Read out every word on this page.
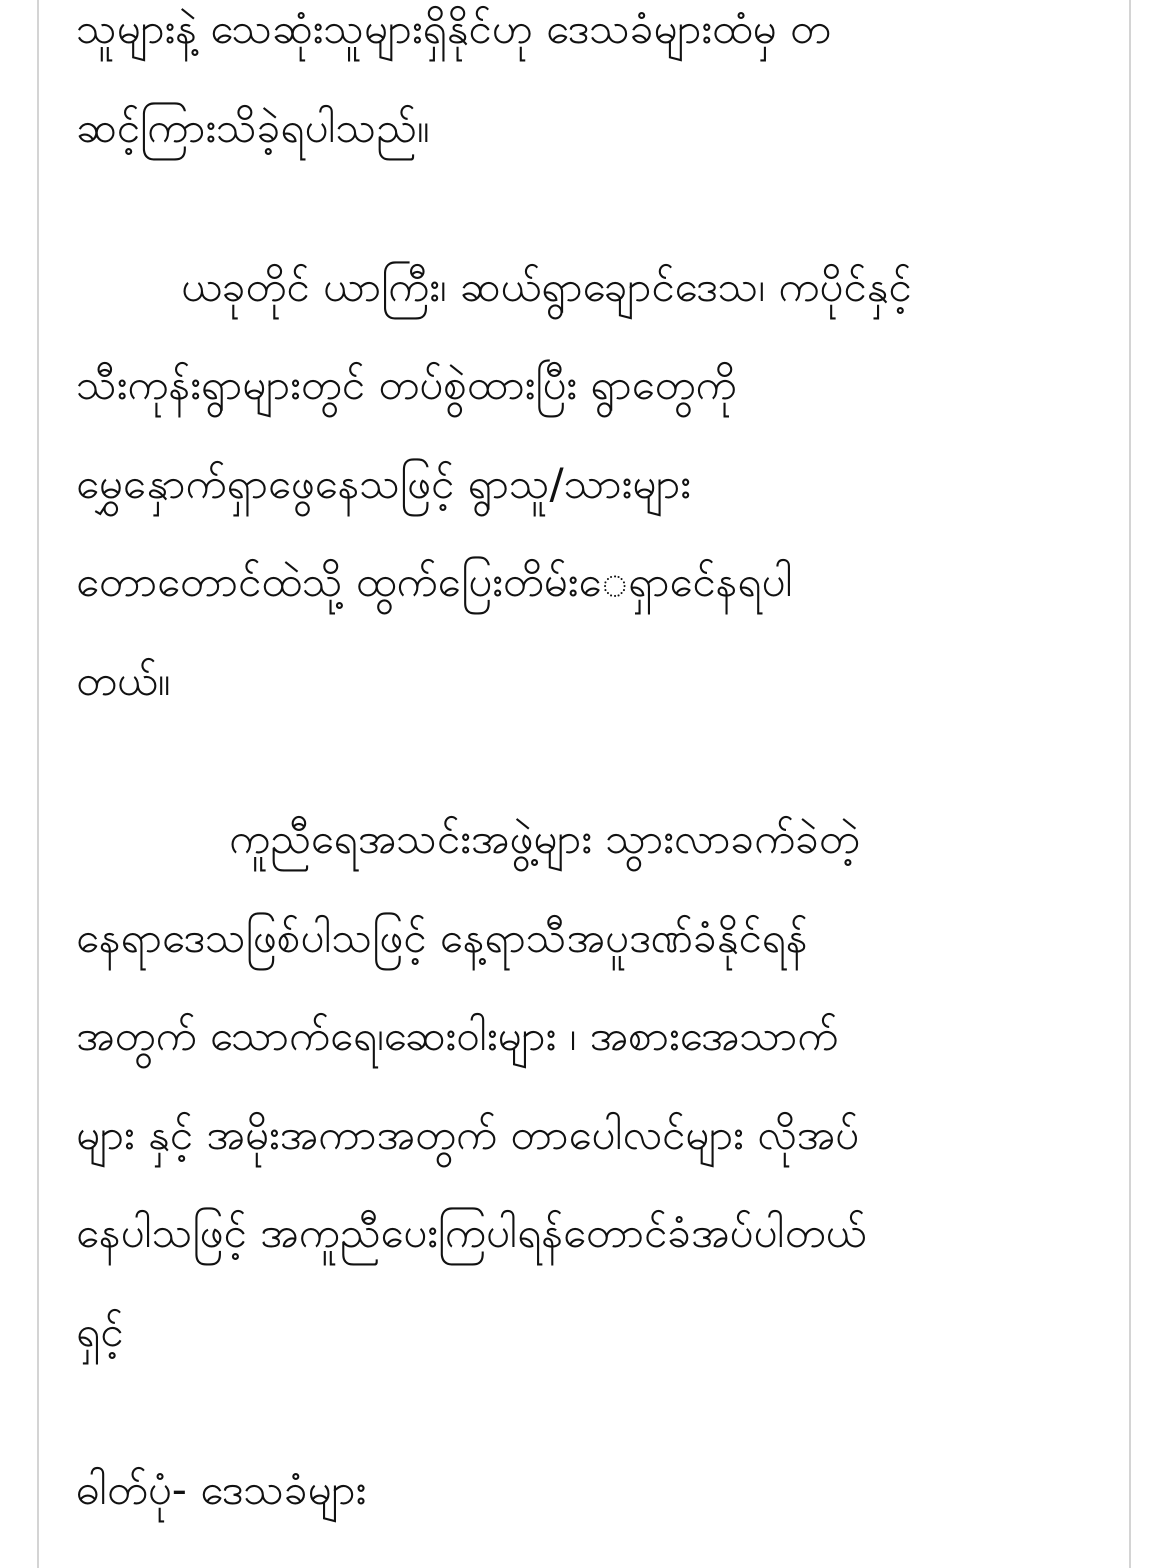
သူများနဲ့ သေဆုံးသူများရှိနိုင်ဟု ဒေသခံများထံမှ တ

ဆင့်ကြားသိခဲ့ရပါသည်။

ယခုတိုင် ယာကြီး၊ ဆယ်ရွာချောင်ဒေသ၊ ကပိုင်နှင့်

သီးကုန်းရွာများတွင် တပ်စွဲထားပြီး ရွာတွေကို

မွှေနှောက်ရှာဖွေနေသဖြင့် ရွာသူ/သားများ

တောတောင်ထဲသို့ ထွက်ပြေးတိမ်းေရှာင်ေနရပါ

တယ်။

ကူညီရေအသင်းအဖွဲ့များ သွားလာခက်ခဲတဲ့

နေရာဒေသဖြစ်ပါသဖြင့် နေ့ရာသီအပူဒဏ်ခံနိုင်ရန်

အတွက် သောက်ရေ၊ဆေးဝါးများ ၊ အစားအေသာက်

များ နှင့် အမိုးအကာအတွက် တာပေါလင်များ လိုအပ်

နေပါသဖြင့် အကူညီပေးကြပါရန်တောင်ခံအပ်ပါတယ်

ရှင့်

ဓါတ်ပုံ- ဒေသခံများ
